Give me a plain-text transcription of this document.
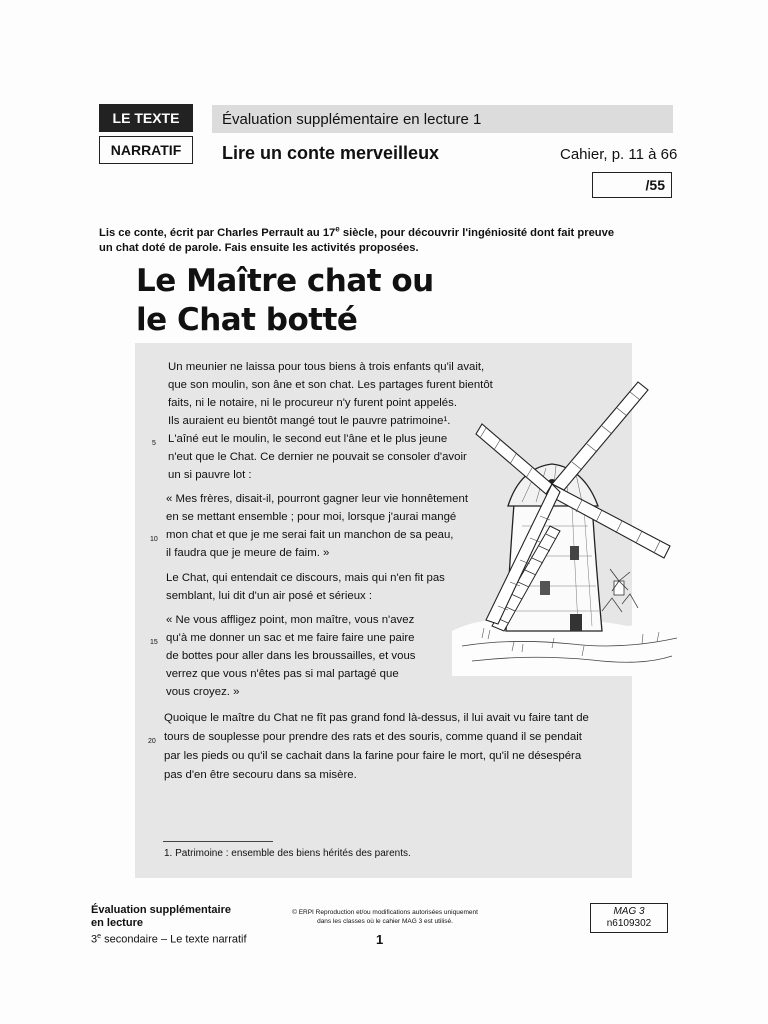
LE TEXTE
NARRATIF
Évaluation supplémentaire en lecture 1
Lire un conte merveilleux	Cahier, p. 11 à 66
/55
Lis ce conte, écrit par Charles Perrault au 17e siècle, pour découvrir l'ingéniosité dont fait preuve
un chat doté de parole. Fais ensuite les activités proposées.
Le Maître chat ou
le Chat botté
Un meunier ne laissa pour tous biens à trois enfants qu'il avait,
que son moulin, son âne et son chat. Les partages furent bientôt
faits, ni le notaire, ni le procureur n'y furent point appelés.
Ils auraient eu bientôt mangé tout le pauvre patrimoine¹.
L'aîné eut le moulin, le second eut l'âne et le plus jeune
5
n'eut que le Chat. Ce dernier ne pouvait se consoler d'avoir
un si pauvre lot :
« Mes frères, disait-il, pourront gagner leur vie honnêtement
en se mettant ensemble ; pour moi, lorsque j'aurai mangé
mon chat et que je me serai fait un manchon de sa peau,
10
il faudra que je meure de faim. »
Le Chat, qui entendait ce discours, mais qui n'en fit pas
semblant, lui dit d'un air posé et sérieux :
« Ne vous affligez point, mon maître, vous n'avez
qu'à me donner un sac et me faire faire une paire
15
de bottes pour aller dans les broussailles, et vous
verrez que vous n'êtes pas si mal partagé que
vous croyez. »
Quoique le maître du Chat ne fît pas grand fond là-dessus, il lui avait vu faire tant de
tours de souplesse pour prendre des rats et des souris, comme quand il se pendait
20
par les pieds ou qu'il se cachait dans la farine pour faire le mort, qu'il ne désespéra
pas d'en être secouru dans sa misère.
1. Patrimoine : ensemble des biens hérités des parents.
Évaluation supplémentaire
en lecture
3e secondaire – Le texte narratif
© ERPI Reproduction et/ou modifications autorisées uniquement
dans les classes où le cahier MAG 3 est utilisé.
1
MAG 3
n6109302
